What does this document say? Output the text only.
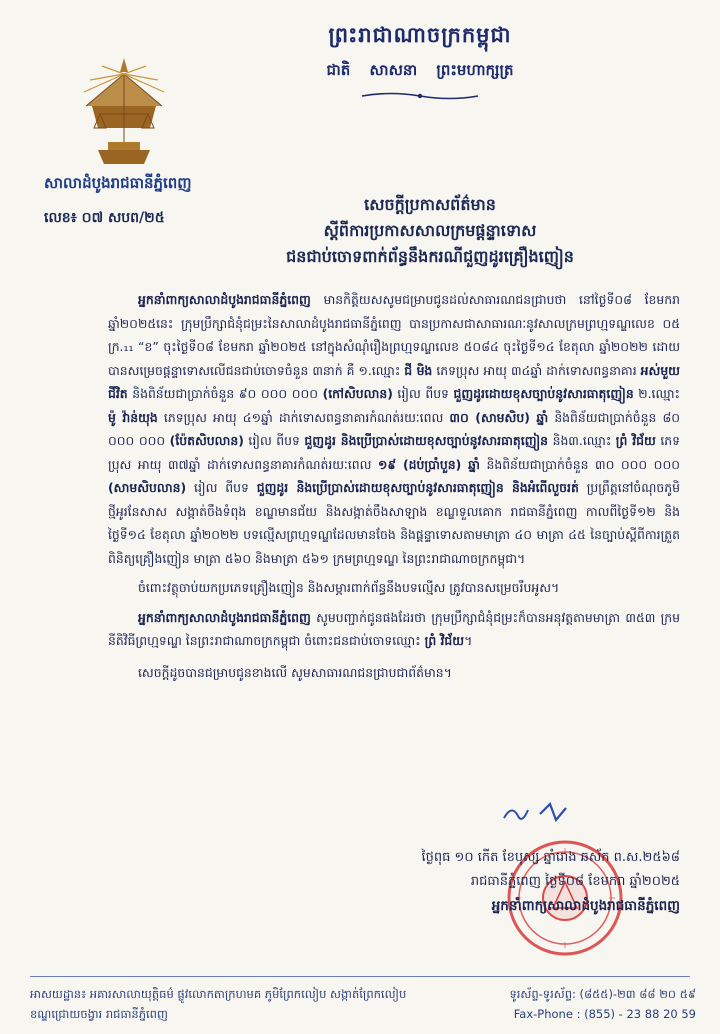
ព្រះរាជាណាចក្រកម្ពុជា
ជាតិ សាសនា ព្រះមហាក្សត្រ
សាលាដំបូងរាជធានីភ្នំពេញ
លេខ៖ ០៧ សបព/២៥
សេចក្តីប្រកាសព័ត៌មាន
ស្តីពីការប្រកាសសាលក្រមផ្តន្ទាទោស
ជនជាប់ចោទពាក់ព័ន្ធនឹងករណីជួញដូរគ្រឿងញៀន

អ្នកនាំពាក្យសាលាដំបូងរាជធានីភ្នំពេញ មានកិត្តិយសសូមជម្រាបជូនដល់សាធារណជនជ្រាបថា នៅថ្ងៃទី០៨ ខែមករា ឆ្នាំ២០២៥នេះ ក្រុមប្រឹក្សាជំនុំជម្រះនៃសាលាដំបូងរាជធានីភ្នំពេញ បានប្រកាសជាសាធារណៈនូវសាលក្រមព្រហ្មទណ្ឌលេខ ០៥ ក្រ.₁₁ “ខ” ចុះថ្ងៃទី០៨ ខែមករា ឆ្នាំ២០២៥ នៅក្នុងសំណុំរឿងព្រហ្មទណ្ឌលេខ ៥០៨៤ ចុះថ្ងៃទី១៤ ខែតុលា ឆ្នាំ២០២២ ដោយបានសម្រេចផ្តន្ទាទោសលើជនជាប់ចោទចំនួន ៣នាក់ គឺ ១.ឈ្មោះ ជី មិង ភេទប្រុស អាយុ ៣៤ឆ្នាំ ដាក់ទោសពន្ធនាគារ អស់មួយជីវិត និងពិន័យជាប្រាក់ចំនួន ៩០ ០០០ ០០០ (កៅសិបលាន) រៀល ពីបទ ជួញដូរដោយខុសច្បាប់នូវសារធាតុញៀន ២.ឈ្មោះ ម៉ូ វ៉ាន់យុង ភេទប្រុស អាយុ ៤១ឆ្នាំ ដាក់ទោសពន្ធនាគារកំណត់រយៈពេល ៣០ (សាមសិប) ឆ្នាំ និងពិន័យជាប្រាក់ចំនួន ៨០ ០០០ ០០០ (ប៉ែតសិបលាន) រៀល ពីបទ ជួញដូរ និងប្រើប្រាស់ដោយខុសច្បាប់នូវសារធាតុញៀន និង៣.ឈ្មោះ ព្រំ វិជ័យ ភេទប្រុស អាយុ ៣៧ឆ្នាំ ដាក់ទោសពន្ធនាគារកំណត់រយៈពេល ១៩ (ដប់ប្រាំបួន) ឆ្នាំ និងពិន័យជាប្រាក់ចំនួន ៣០ ០០០ ០០០ (សាមសិបលាន) រៀល ពីបទ ជួញដូរ និងប្រើប្រាស់ដោយខុសច្បាប់នូវសារធាតុញៀន និងអំពើលួចរត់ ប្រព្រឹត្តនៅចំណុចភូមិថ្មីអូរនែសាស សង្កាត់ចឹងទំពុង ខណ្ឌមានជ័យ និងសង្កាត់ចឹងសាឡាង ខណ្ឌទួលគោក រាជធានីភ្នំពេញ កាលពីថ្ងៃទី១២ និងថ្ងៃទី១៤ ខែតុលា ឆ្នាំ២០២២ បទល្មើសព្រហ្មទណ្ឌដែលមានចែង និងផ្តន្ទាទោសតាមមាត្រា ៤០ មាត្រា ៤៥ នៃច្បាប់ស្តីពីការត្រួតពិនិត្យគ្រឿងញៀន មាត្រា ៥៦០ និងមាត្រា ៥៦១ ក្រមព្រហ្មទណ្ឌ នៃព្រះរាជាណាចក្រកម្ពុជា។

ចំពោះវត្ថុចាប់យកប្រភេទគ្រឿងញៀន និងសម្ភារពាក់ព័ន្ធនឹងបទល្មើស ត្រូវបានសម្រេចរឹបអូស។

អ្នកនាំពាក្យសាលាដំបូងរាជធានីភ្នំពេញ សូមបញ្ជាក់ជូនផងដែរថា ក្រុមប្រឹក្សាជំនុំជម្រះក៏បានអនុវត្តតាមមាត្រា ៣៥៣ ក្រមនីតិវិធីព្រហ្មទណ្ឌ នៃព្រះរាជាណាចក្រកម្ពុជា ចំពោះជនជាប់ចោទឈ្មោះ ព្រំ វិជ័យ។

សេចក្តីដូចបានជម្រាបជូនខាងលើ សូមសាធារណជនជ្រាបជាព័ត៌មាន។

ថ្ងៃពុធ ១០ កើត ខែបុស្ស ឆ្នាំរោង ឆស័ក ព.ស.២៥៦៨
រាជធានីភ្នំពេញ ថ្ងៃទី០៨ ខែមករា ឆ្នាំ២០២៥
អ្នកនាំពាក្យសាលាដំបូងរាជធានីភ្នំពេញ
អាសយដ្ឋាន៖ អគារសាលាយុត្តិធម៌ ផ្លូវលោកតាក្រហមគ ភូមិព្រែកលៀប សង្កាត់ព្រែកលៀប
ខណ្ឌជ្រោយចង្វារ រាជធានីភ្នំពេញ
ទូរស័ព្ទ-ទូរស័ព្ទ: (៨៥៥)-២៣ ៨៨ ២០ ៥៩
Fax-Phone : (855) - 23 88 20 59
